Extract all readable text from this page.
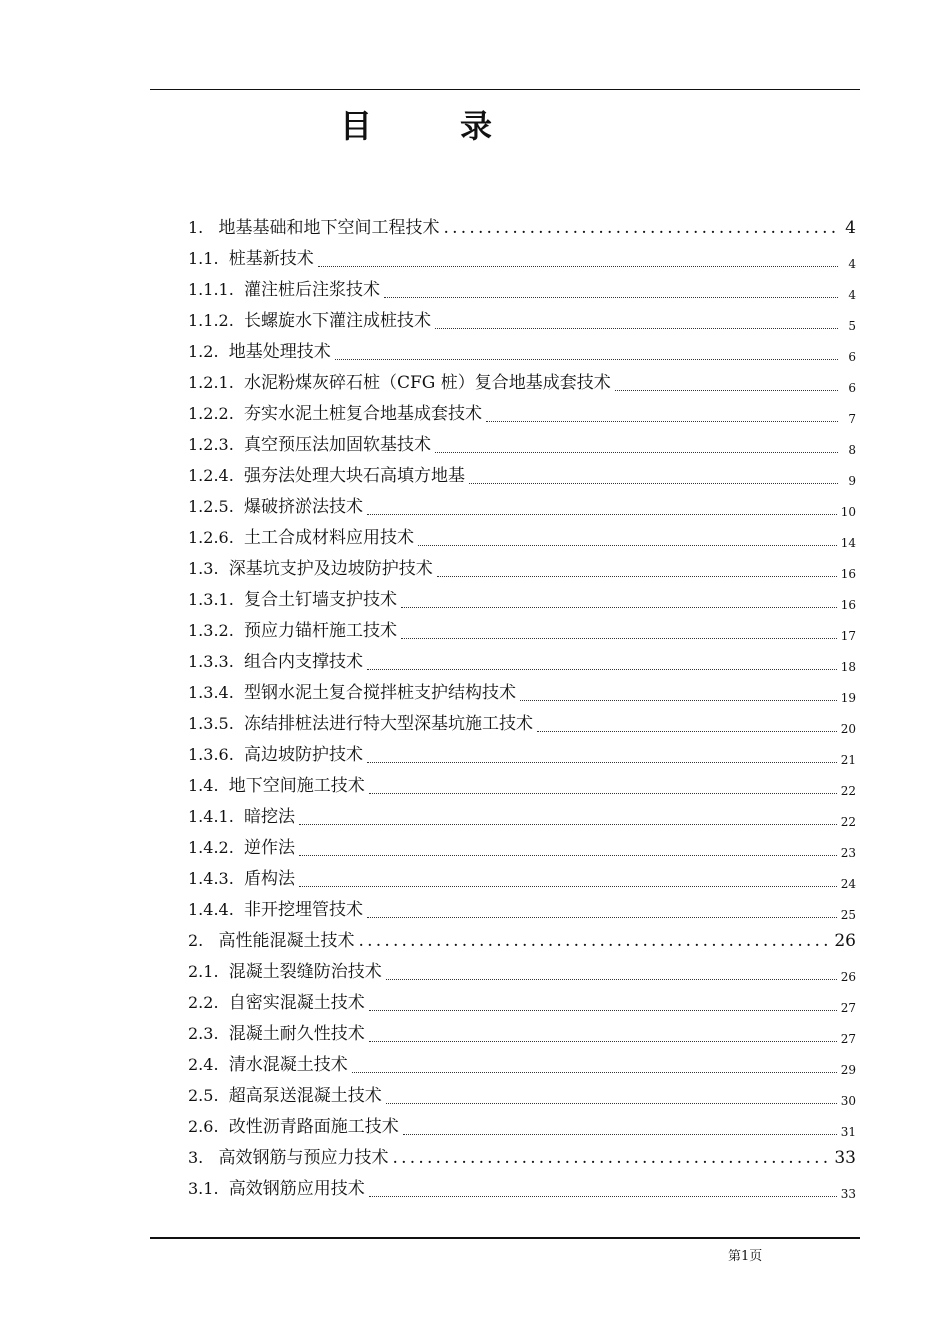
目	录
1. 地基基础和地下空间工程技术 .....	4
1.1. 桩基新技术	4
1.1.1. 灌注桩后注浆技术	4
1.1.2. 长螺旋水下灌注成桩技术	5
1.2. 地基处理技术	6
1.2.1. 水泥粉煤灰碎石桩（CFG 桩）复合地基成套技术	6
1.2.2. 夯实水泥土桩复合地基成套技术	7
1.2.3. 真空预压法加固软基技术	8
1.2.4. 强夯法处理大块石高填方地基	9
1.2.5. 爆破挤淤法技术	10
1.2.6. 土工合成材料应用技术	14
1.3. 深基坑支护及边坡防护技术	16
1.3.1. 复合土钉墙支护技术	16
1.3.2. 预应力锚杆施工技术	17
1.3.3. 组合内支撑技术	18
1.3.4. 型钢水泥土复合搅拌桩支护结构技术	19
1.3.5. 冻结排桩法进行特大型深基坑施工技术	20
1.3.6. 高边坡防护技术	21
1.4. 地下空间施工技术	22
1.4.1. 暗挖法	22
1.4.2. 逆作法	23
1.4.3. 盾构法	24
1.4.4. 非开挖埋管技术	25
2. 高性能混凝土技术 .....	26
2.1. 混凝土裂缝防治技术	26
2.2. 自密实混凝土技术	27
2.3. 混凝土耐久性技术	27
2.4. 清水混凝土技术	29
2.5. 超高泵送混凝土技术	30
2.6. 改性沥青路面施工技术	31
3. 高效钢筋与预应力技术 .....	33
3.1. 高效钢筋应用技术	33
第1页
